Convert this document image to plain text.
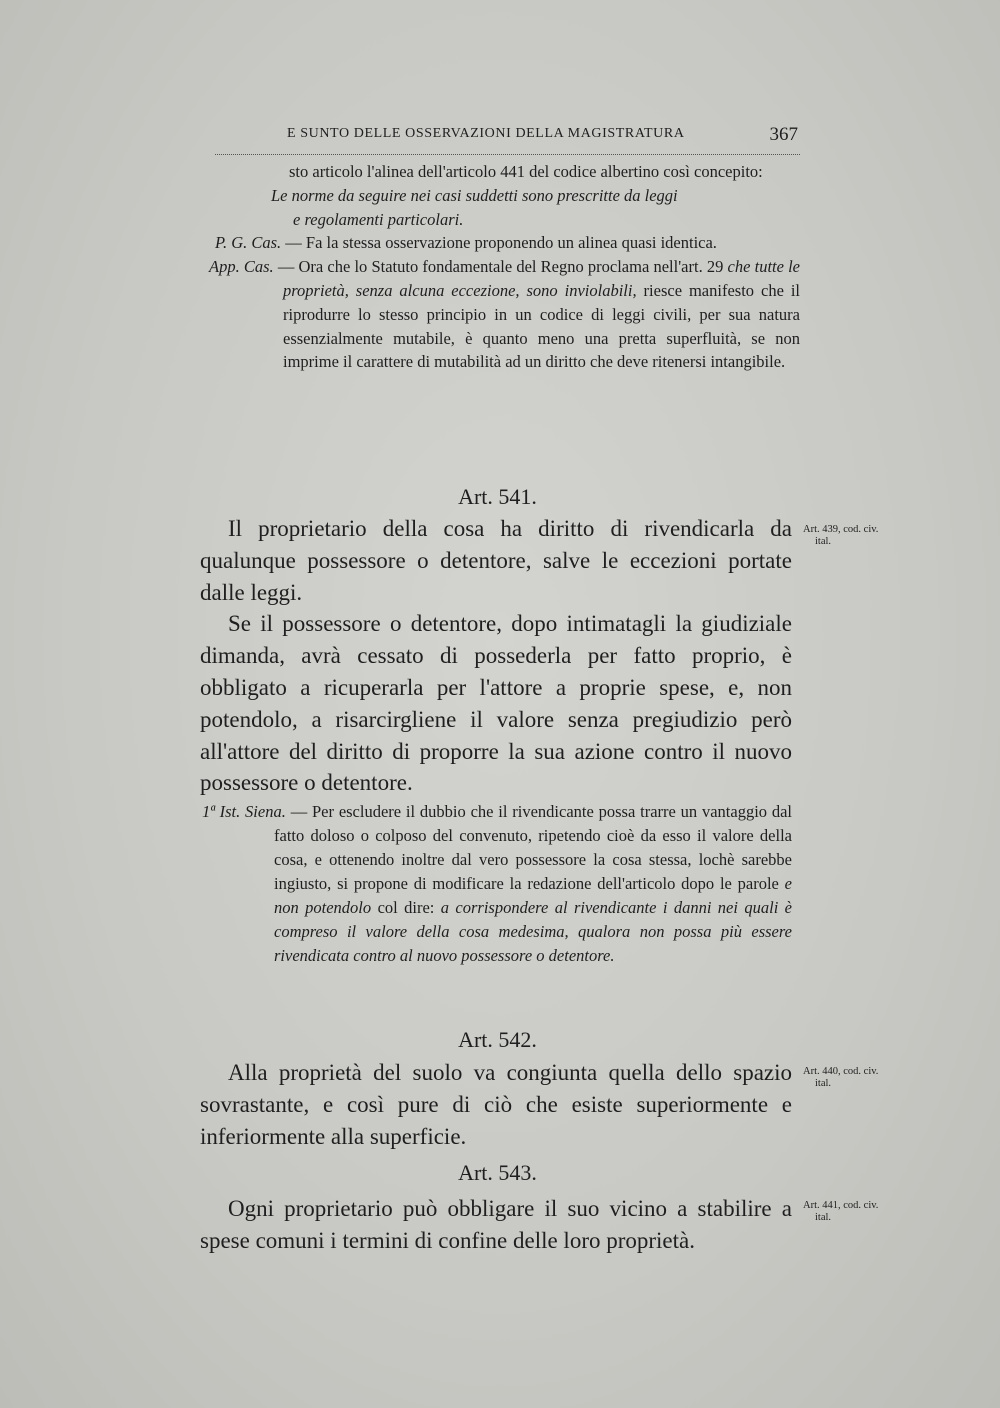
E SUNTO DELLE OSSERVAZIONI DELLA MAGISTRATURA	367

sto articolo l'alinea dell'articolo 441 del codice albertino così concepito:

Le norme da seguire nei casi suddetti sono prescritte da leggi
e regolamenti particolari.

P. G. Cas. — Fa la stessa osservazione proponendo un alinea quasi identica.

App. Cas. — Ora che lo Statuto fondamentale del Regno proclama nell'art. 29 che tutte le proprietà, senza alcuna eccezione, sono inviolabili, riesce manifesto che il riprodurre lo stesso principio in un codice di leggi civili, per sua natura essenzialmente mutabile, è quanto meno una pretta superfluità, se non imprime il carattere di mutabilità ad un diritto che deve ritenersi intangibile.

Art. 541.

Il proprietario della cosa ha diritto di rivendicarla da qualunque possessore o detentore, salve le eccezioni portate dalle leggi.

Se il possessore o detentore, dopo intimatagli la giudiziale dimanda, avrà cessato di possederla per fatto proprio, è obbligato a ricuperarla per l'attore a proprie spese, e, non potendolo, a risarcirgliene il valore senza pregiudizio però all'attore del diritto di proporre la sua azione contro il nuovo possessore o detentore.

Art. 439, cod. civ.
ital.

1ª Ist. Siena. — Per escludere il dubbio che il rivendicante possa trarre un vantaggio dal fatto doloso o colposo del convenuto, ripetendo cioè da esso il valore della cosa, e ottenendo inoltre dal vero possessore la cosa stessa, lochè sarebbe ingiusto, si propone di modificare la redazione dell'articolo dopo le parole e non potendolo col dire: a corrispondere al rivendicante i danni nei quali è compreso il valore della cosa medesima, qualora non possa più essere rivendicata contro al nuovo possessore o detentore.

Art. 542.

Alla proprietà del suolo va congiunta quella dello spazio sovrastante, e così pure di ciò che esiste superiormente e inferiormente alla superficie.

Art. 440, cod. civ.
ital.
Art. 543.

Ogni proprietario può obbligare il suo vicino a stabilire a spese comuni i termini di confine delle loro proprietà.

Art. 441, cod. civ.
ital.
